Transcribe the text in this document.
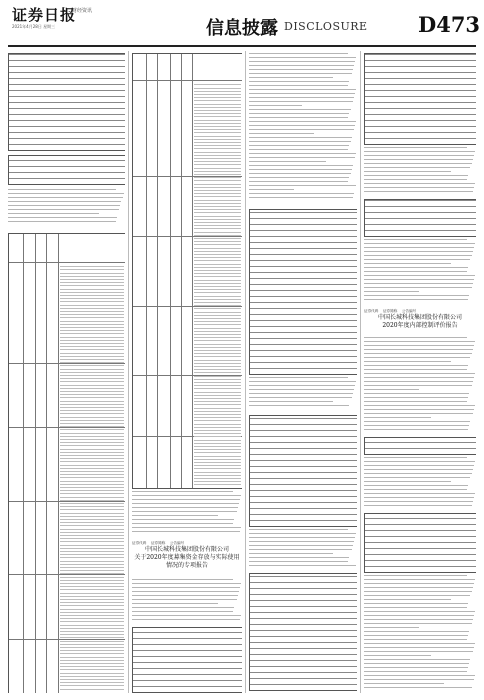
证券日报
财经资讯
2021年4月28日 星期三	信息披露 DISCLOSURE D473
证券代码    证券简称    公告编号
中国长城科技集团股份有限公司
关于2020年度募集资金存放与实际使用
情况的专项报告
证券代码    证券简称    公告编号
中国长城科技集团股份有限公司
2020年度内部控制评价报告
